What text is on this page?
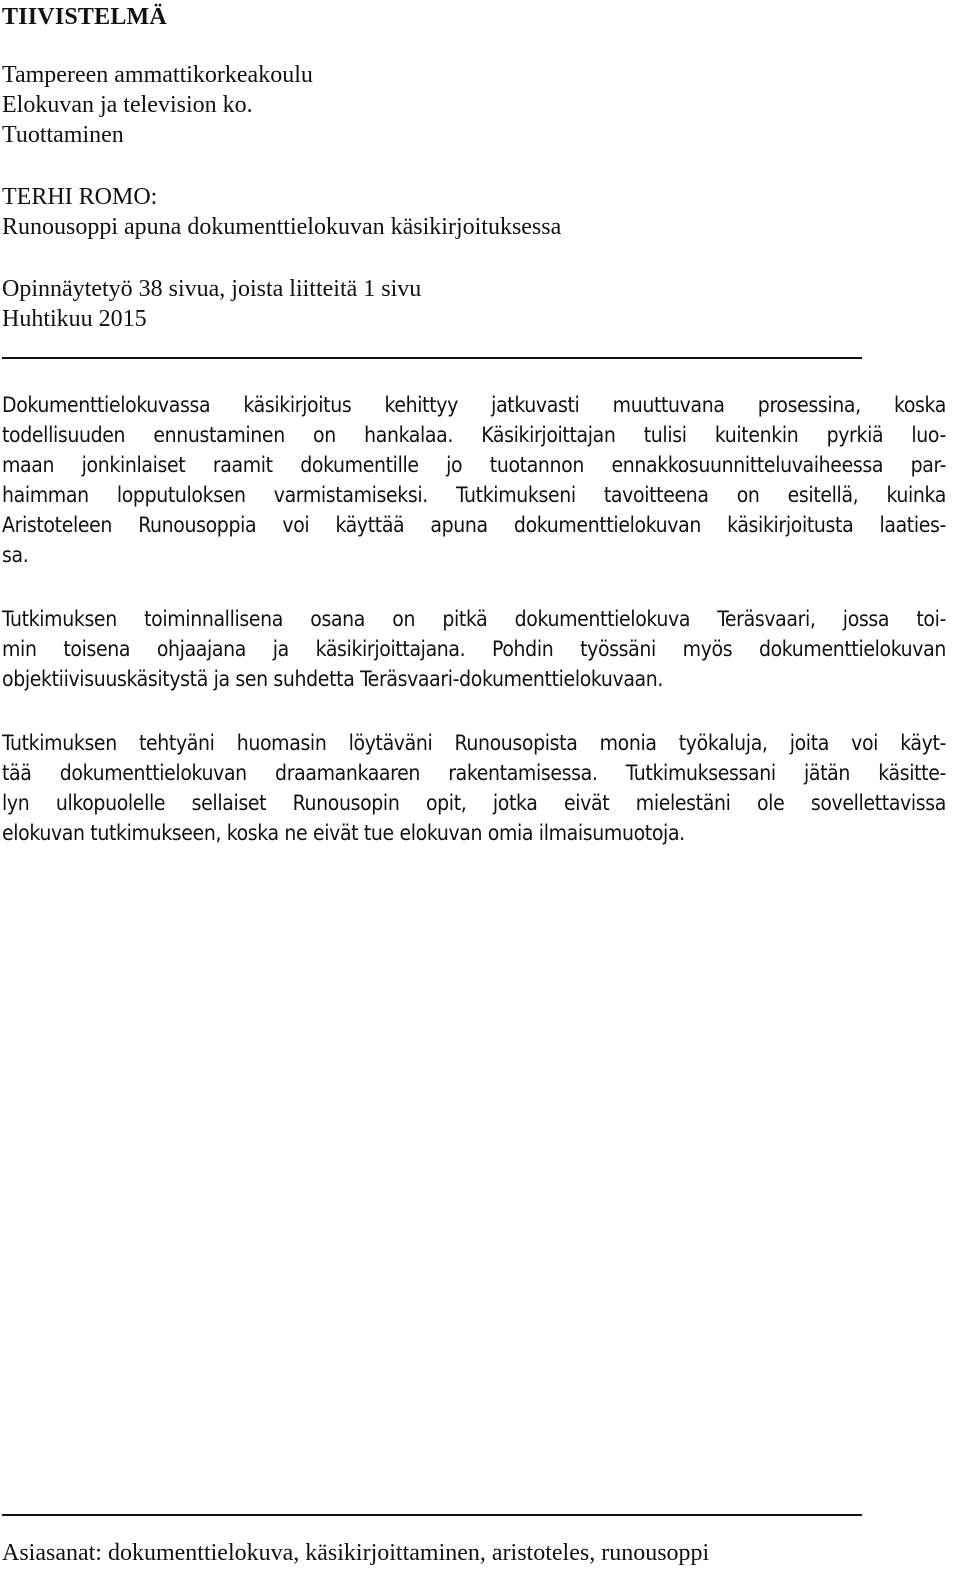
TIIVISTELMÄ
Tampereen ammattikorkeakoulu
Elokuvan ja television ko.
Tuottaminen
TERHI ROMO:
Runousoppi apuna dokumenttielokuvan käsikirjoituksessa
Opinnäytetyö 38 sivua, joista liitteitä 1 sivu
Huhtikuu 2015
Dokumenttielokuvassa käsikirjoitus kehittyy jatkuvasti muuttuvana prosessina, koska
todellisuuden ennustaminen on hankalaa. Käsikirjoittajan tulisi kuitenkin pyrkiä luo-
maan jonkinlaiset raamit dokumentille jo tuotannon ennakkosuunnitteluvaiheessa par-
haimman lopputuloksen varmistamiseksi. Tutkimukseni tavoitteena on esitellä, kuinka
Aristoteleen Runousoppia voi käyttää apuna dokumenttielokuvan käsikirjoitusta laaties-
sa.
Tutkimuksen toiminnallisena osana on pitkä dokumenttielokuva Teräsvaari, jossa toi-
min toisena ohjaajana ja käsikirjoittajana. Pohdin työssäni myös dokumenttielokuvan
objektiivisuuskäsitystä ja sen suhdetta Teräsvaari-dokumenttielokuvaan.
Tutkimuksen tehtyäni huomasin löytäväni Runousopista monia työkaluja, joita voi käyt-
tää dokumenttielokuvan draamankaaren rakentamisessa. Tutkimuksessani jätän käsitte-
lyn ulkopuolelle sellaiset Runousopin opit, jotka eivät mielestäni ole sovellettavissa
elokuvan tutkimukseen, koska ne eivät tue elokuvan omia ilmaisumuotoja.
Asiasanat: dokumenttielokuva, käsikirjoittaminen, aristoteles, runousoppi
